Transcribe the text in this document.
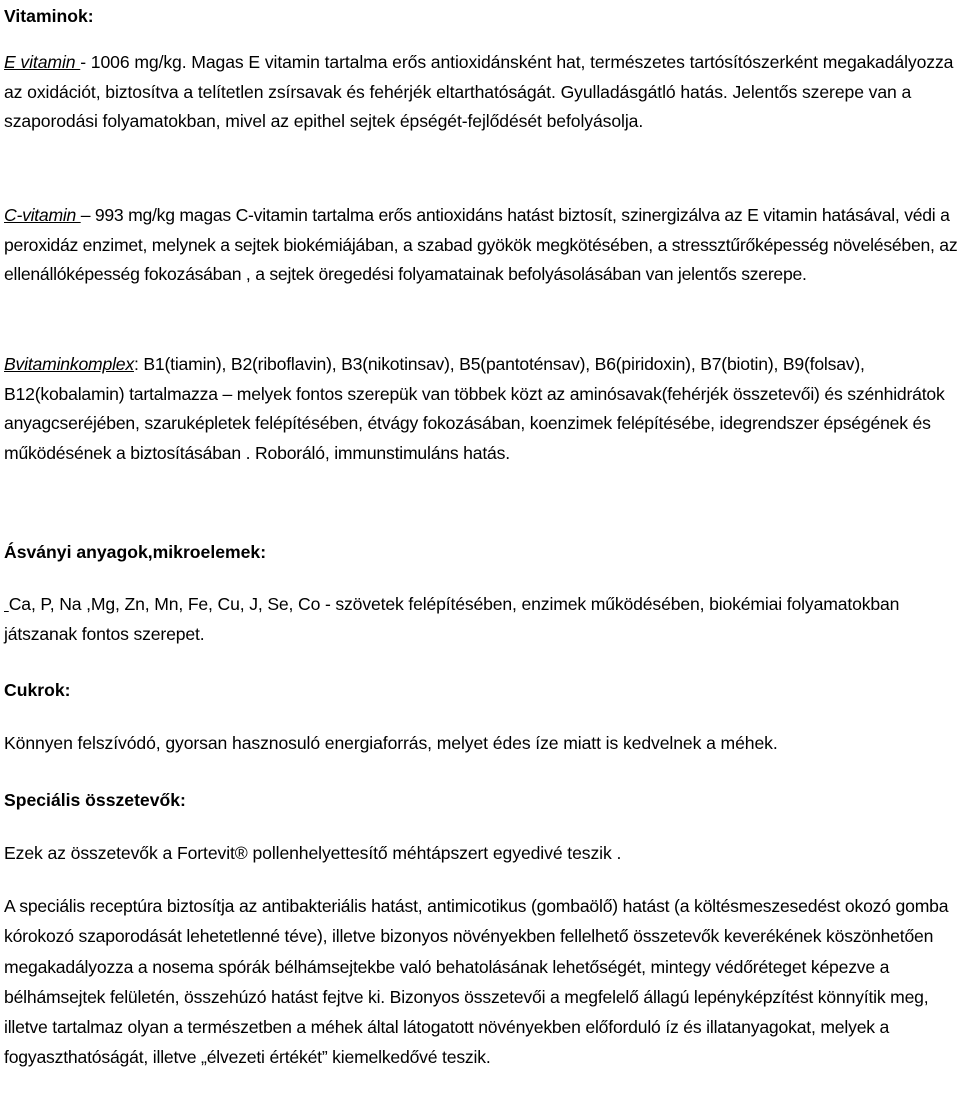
Vitaminok:

E vitamin - 1006 mg/kg. Magas E vitamin tartalma erős antioxidánsként hat, természetes tartósítószerként megakadályozza az oxidációt, biztosítva a telítetlen zsírsavak és fehérjék eltarthatóságát. Gyulladásgátló hatás. Jelentős szerepe van a szaporodási folyamatokban, mivel az epithel sejtek épségét-fejlődését befolyásolja.

C-vitamin – 993 mg/kg magas C-vitamin tartalma erős antioxidáns hatást biztosít, szinergizálva az E vitamin hatásával, védi a peroxidáz enzimet, melynek a sejtek biokémiájában, a szabad gyökök megkötésében, a stressztűrőképesség növelésében, az ellenállóképesség fokozásában , a sejtek öregedési folyamatainak befolyásolásában van jelentős szerepe.

Bvitaminkomplex: B1(tiamin), B2(riboflavin), B3(nikotinsav), B5(pantoténsav), B6(piridoxin), B7(biotin), B9(folsav), B12(kobalamin) tartalmazza – melyek fontos szerepük van többek közt az aminósavak(fehérjék összetevői) és szénhidrátok anyagcseréjében, szaruképletek felépítésében, étvágy fokozásában, koenzimek felépítésébe, idegrendszer épségének és működésének a biztosításában . Roboráló, immunstimuláns hatás.

Ásványi anyagok,mikroelemek:

Ca, P, Na ,Mg, Zn, Mn, Fe, Cu, J, Se, Co - szövetek felépítésében, enzimek működésében, biokémiai folyamatokban játszanak fontos szerepet.

Cukrok:

Könnyen felszívódó, gyorsan hasznosuló energiaforrás, melyet édes íze miatt is kedvelnek a méhek.

Speciális összetevők:

Ezek az összetevők a Fortevit® pollenhelyettesítő méhtápszert egyedivé teszik .

A speciális receptúra biztosítja az antibakteriális hatást, antimicotikus (gombaölő) hatást (a költésmeszesedést okozó gomba kórokozó szaporodását lehetetlenné téve), illetve bizonyos növényekben fellelhető összetevők keverékének köszönhetően megakadályozza a nosema spórák bélhámsejtekbe való behatolásának lehetőségét, mintegy védőréteget képezve a bélhámsejtek felületén, összehúzó hatást fejtve ki. Bizonyos összetevői a megfelelő állagú lepényképzítést könnyítik meg, illetve tartalmaz olyan a természetben a méhek által látogatott növényekben előforduló íz és illatanyagokat, melyek a fogyaszthatóságát, illetve „élvezeti értékét” kiemelkedővé teszik.
